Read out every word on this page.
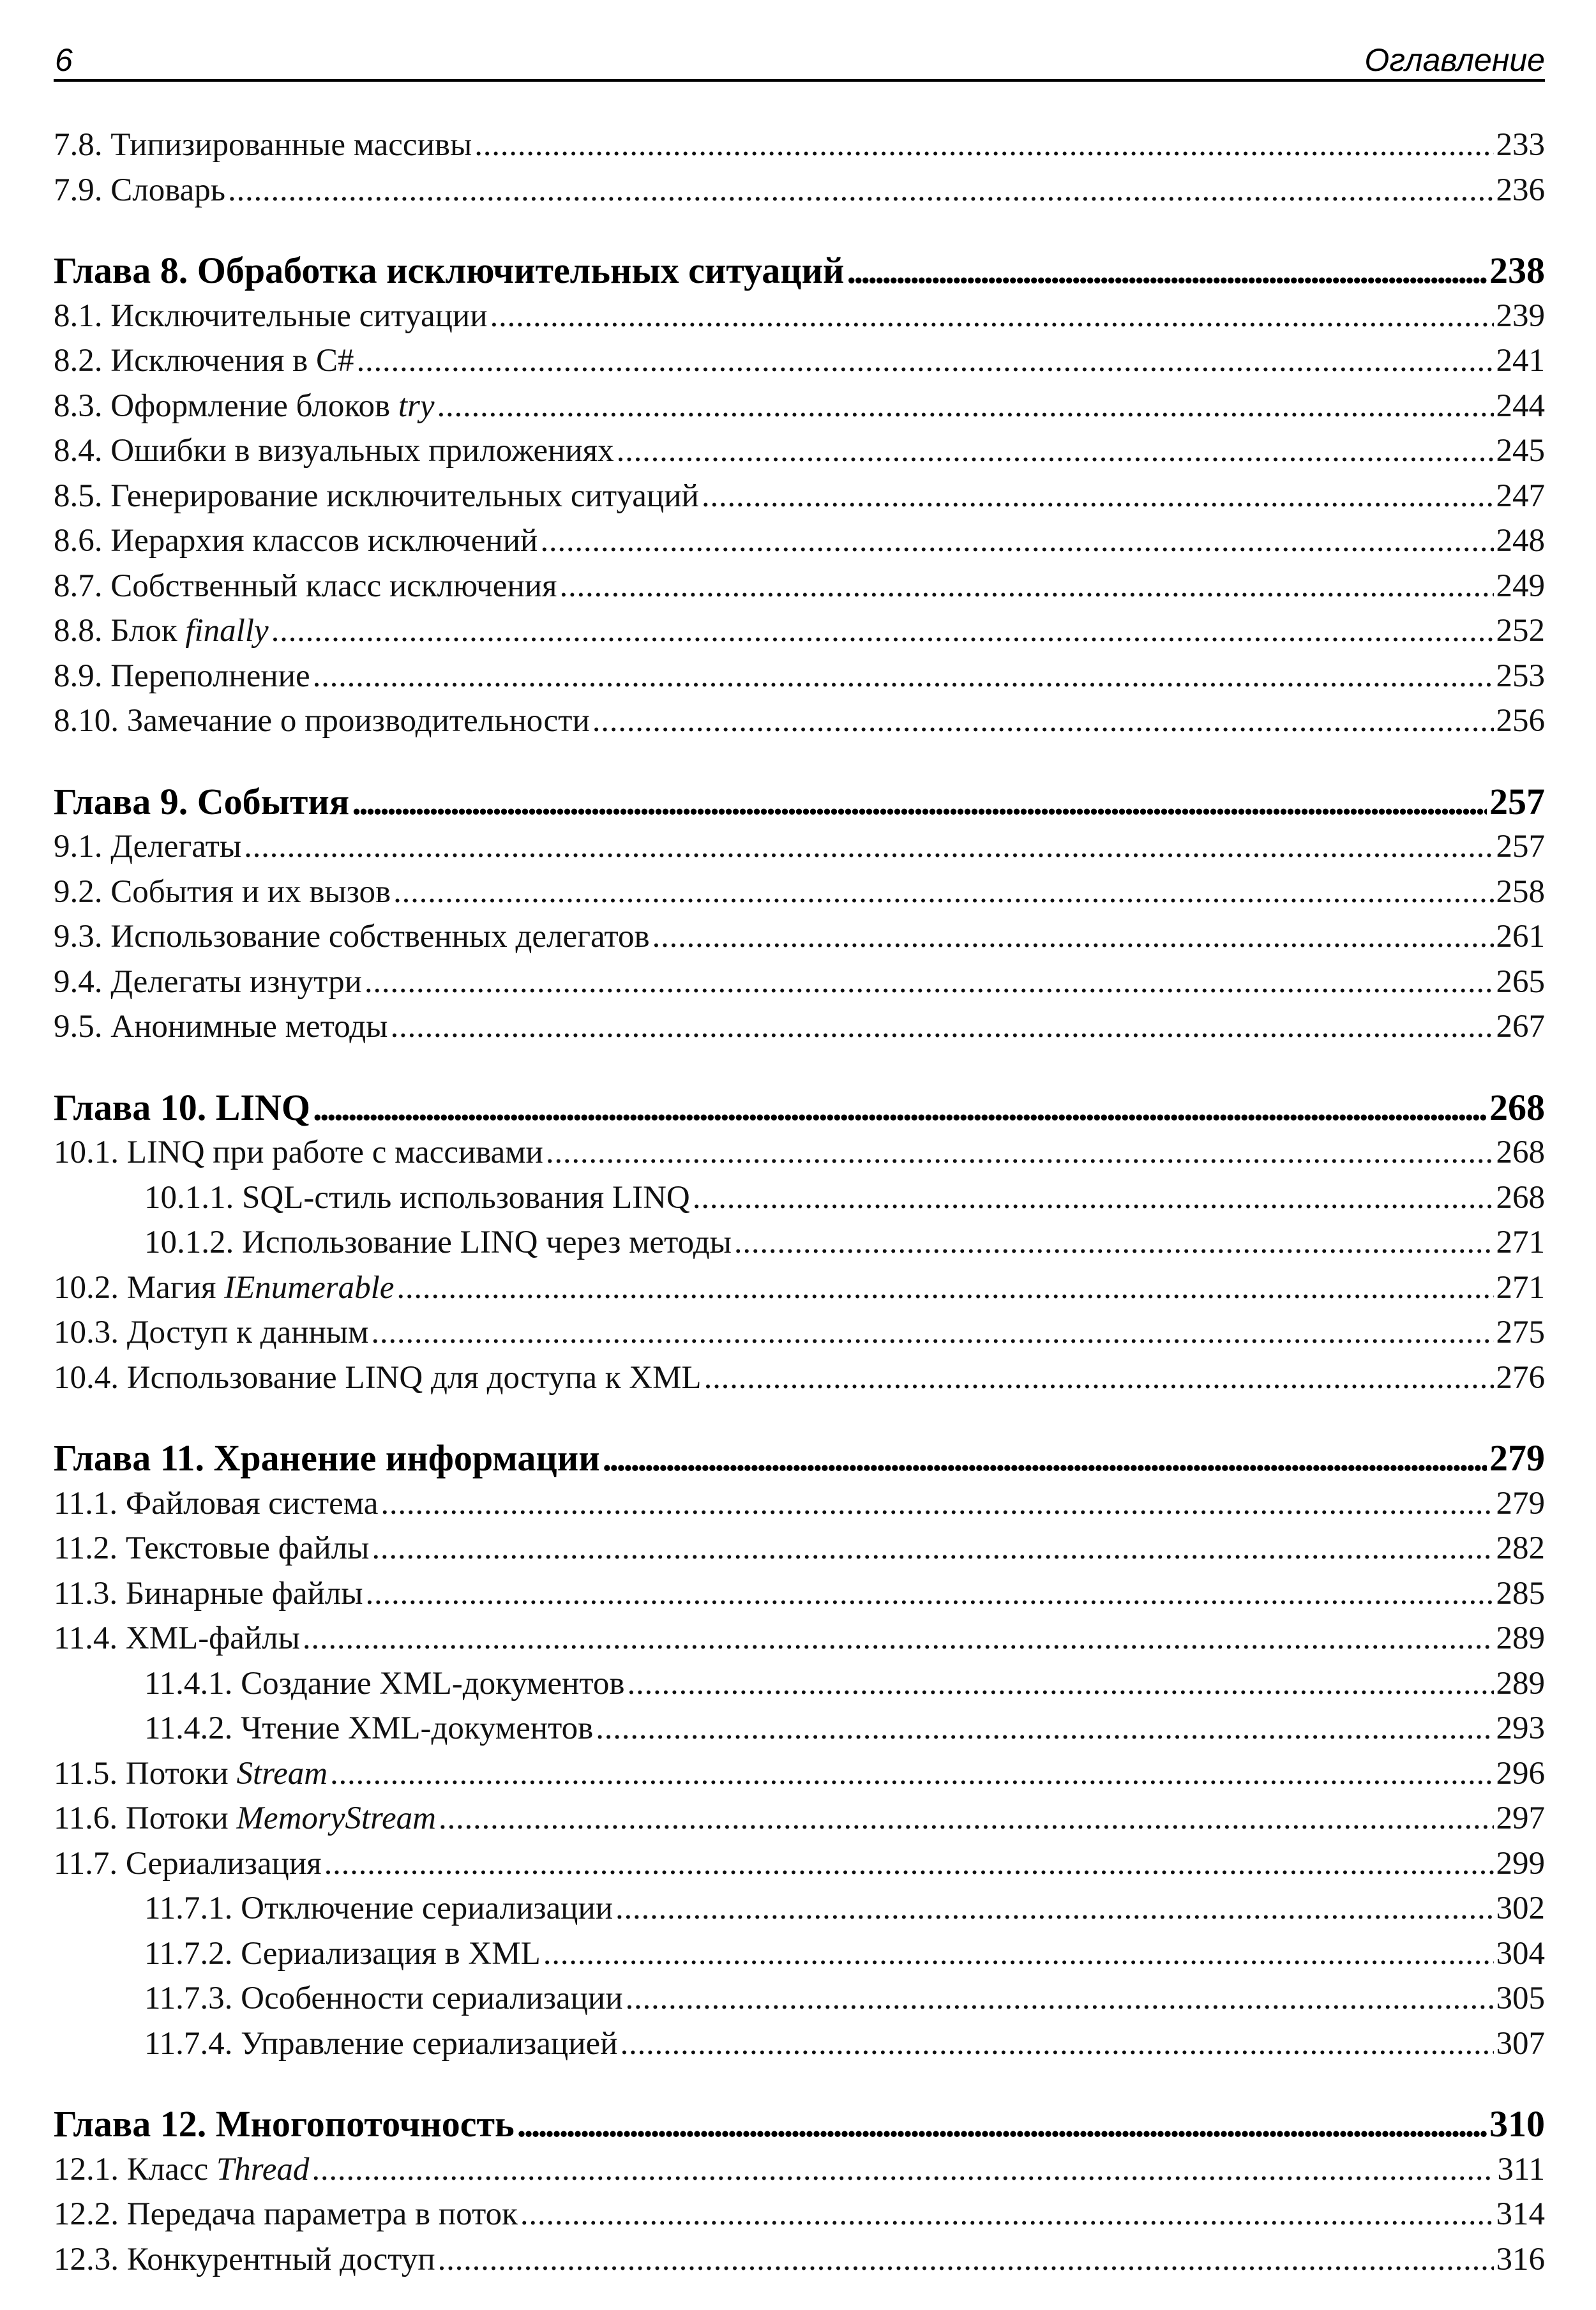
6	Оглавление
7.8. Типизированные массивы . . .	233
7.9. Словарь . . .	236
Глава 8. Обработка исключительных ситуаций . . .	238
8.1. Исключительные ситуации . . .	239
8.2. Исключения в C# . . .	241
8.3. Оформление блоков try . . .	244
8.4. Ошибки в визуальных приложениях . . .	245
8.5. Генерирование исключительных ситуаций . . .	247
8.6. Иерархия классов исключений . . .	248
8.7. Собственный класс исключения . . .	249
8.8. Блок finally . . .	252
8.9. Переполнение . . .	253
8.10. Замечание о производительности . . .	256
Глава 9. События . . .	257
9.1. Делегаты . . .	257
9.2. События и их вызов . . .	258
9.3. Использование собственных делегатов . . .	261
9.4. Делегаты изнутри . . .	265
9.5. Анонимные методы . . .	267
Глава 10. LINQ . . .	268
10.1. LINQ при работе с массивами . . .	268
10.1.1. SQL-стиль использования LINQ . . .	268
10.1.2. Использование LINQ через методы . . .	271
10.2. Магия IEnumerable . . .	271
10.3. Доступ к данным . . .	275
10.4. Использование LINQ для доступа к XML . . .	276
Глава 11. Хранение информации . . .	279
11.1. Файловая система . . .	279
11.2. Текстовые файлы . . .	282
11.3. Бинарные файлы . . .	285
11.4. XML-файлы . . .	289
11.4.1. Создание XML-документов . . .	289
11.4.2. Чтение XML-документов . . .	293
11.5. Потоки Stream . . .	296
11.6. Потоки MemoryStream . . .	297
11.7. Сериализация . . .	299
11.7.1. Отключение сериализации . . .	302
11.7.2. Сериализация в XML . . .	304
11.7.3. Особенности сериализации . . .	305
11.7.4. Управление сериализацией . . .	307
Глава 12. Многопоточность . . .	310
12.1. Класс Thread . . .	311
12.2. Передача параметра в поток . . .	314
12.3. Конкурентный доступ . . .	316
